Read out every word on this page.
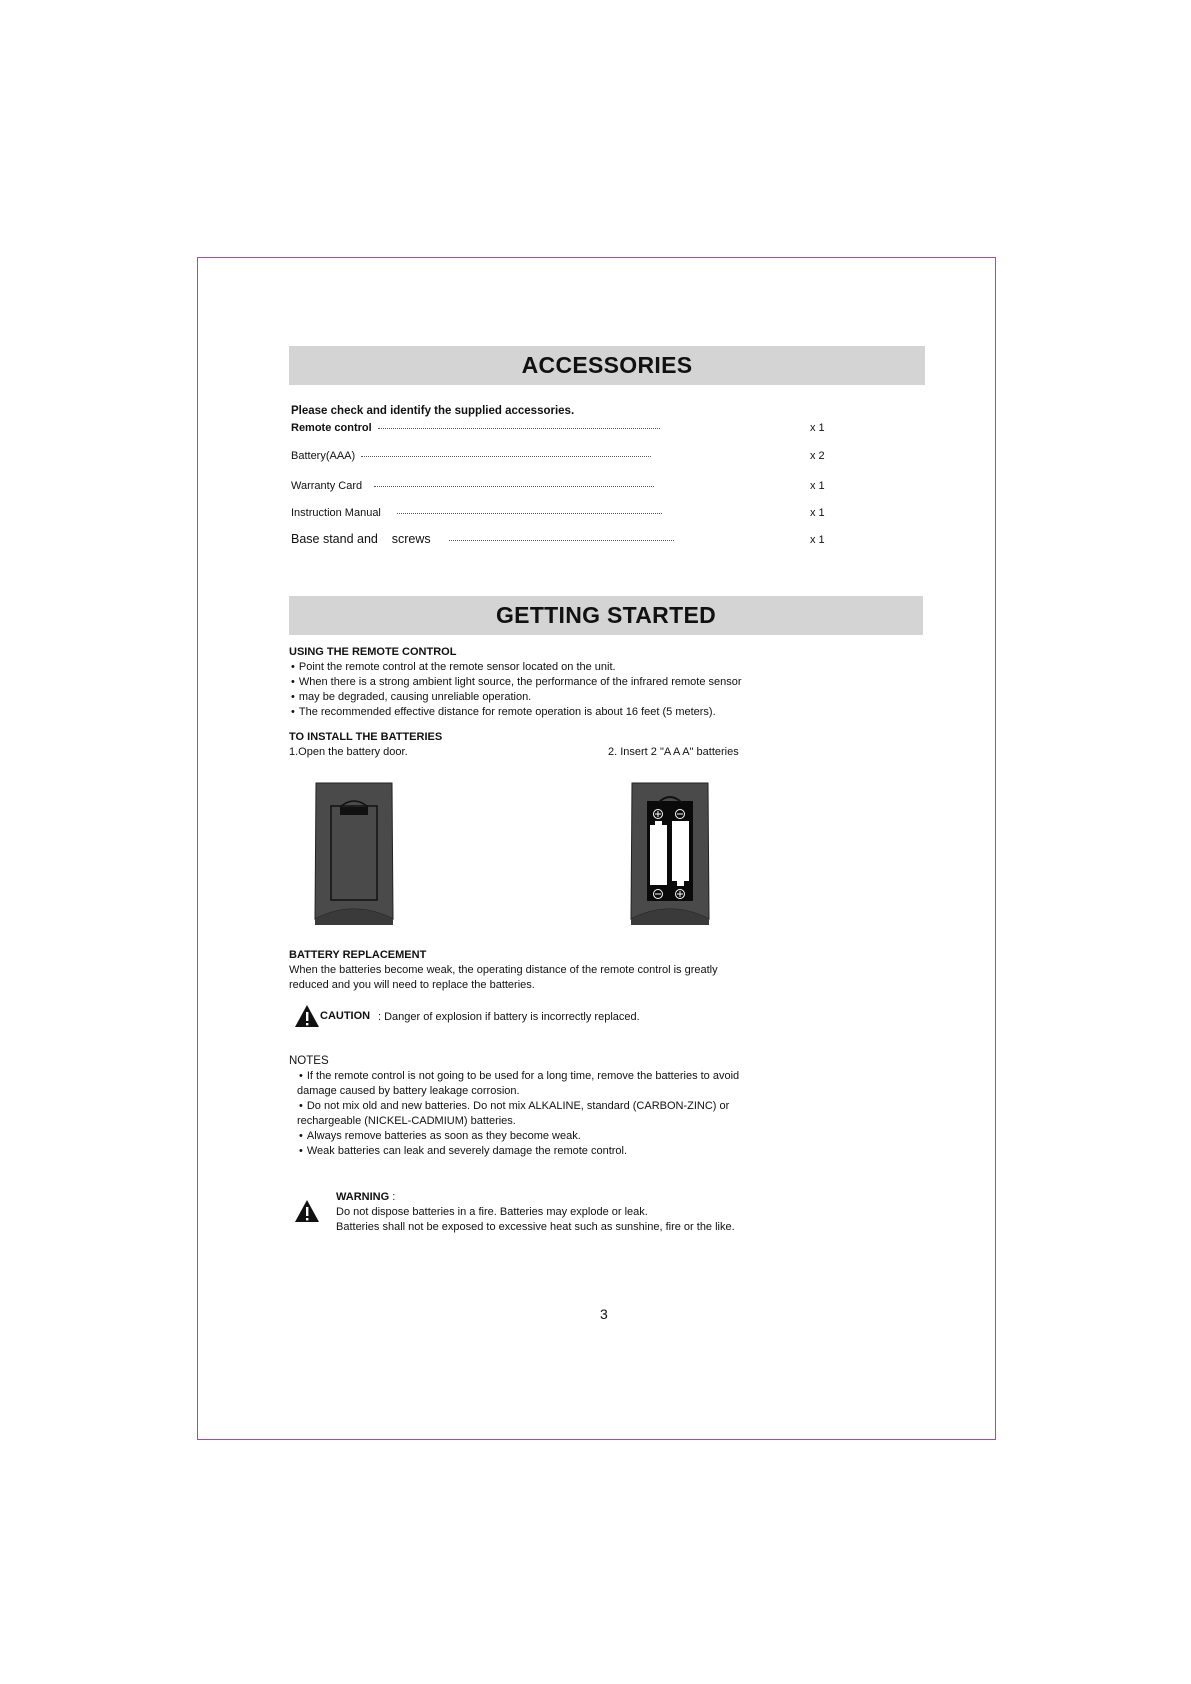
ACCESSORIES
Please check and identify the supplied accessories.
Remote control	x 1
Battery(AAA)	x 2
Warranty Card	x 1
Instruction Manual	x 1
Base stand and    screws	x 1
GETTING STARTED
USING THE REMOTE CONTROL
• Point the remote control at the remote sensor located on the unit.
• When there is a strong ambient light source, the performance of the infrared remote sensor
• may be degraded, causing unreliable operation.
• The recommended effective distance for remote operation is about 16 feet (5 meters).
TO INSTALL THE BATTERIES
1.Open the battery door.	2. Insert 2 "A A A" batteries
BATTERY REPLACEMENT
When the batteries become weak, the operating distance of the remote control is greatly
reduced and you will need to replace the batteries.
CAUTION : Danger of explosion if battery is incorrectly replaced.
NOTES
• If the remote control is not going to be used for a long time, remove the batteries to avoid
damage caused by battery leakage corrosion.
• Do not mix old and new batteries. Do not mix ALKALINE, standard (CARBON-ZINC) or
rechargeable (NICKEL-CADMIUM) batteries.
• Always remove batteries as soon as they become weak.
• Weak batteries can leak and severely damage the remote control.
WARNING :
Do not dispose batteries in a fire. Batteries may explode or leak.
Batteries shall not be exposed to excessive heat such as sunshine, fire or the like.
3
